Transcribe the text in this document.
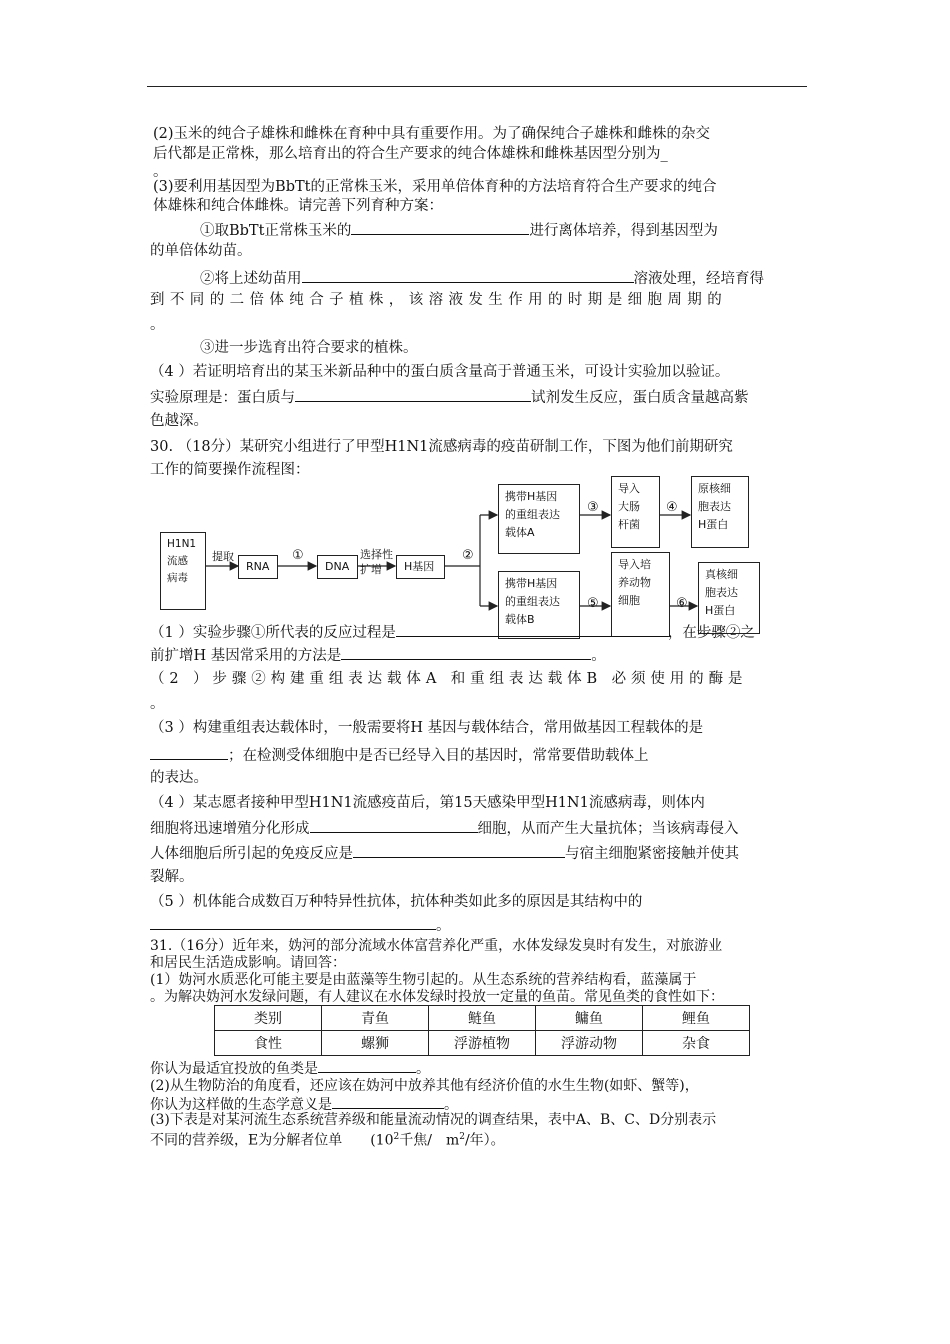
(2)玉米的纯合子雄株和雌株在育种中具有重要作用。为了确保纯合子雄株和雌株的杂交
后代都是正常株，那么培育出的符合生产要求的纯合体雄株和雌株基因型分别为_
。
(3)要利用基因型为BbTt的正常株玉米，采用单倍体育种的方法培育符合生产要求的纯合
体雄株和纯合体雌株。请完善下列育种方案：
①取BbTt正常株玉米的	进行离体培养，得到基因型为
的单倍体幼苗。
②将上述幼苗用	溶液处理，经培育得
到不同的二倍体纯合子植株，该溶液发生作用的时期是细胞周期的
。
③进一步选育出符合要求的植株。
（4 ）若证明培育出的某玉米新品种中的蛋白质含量高于普通玉米，可设计实验加以验证。
实验原理是：蛋白质与	试剂发生反应，蛋白质含量越高紫
色越深。
30. （18分）某研究小组进行了甲型H1N1流感病毒的疫苗研制工作，下图为他们前期研究
工作的简要操作流程图：
H1N1
流感
病毒
提取
RNA
①
DNA
选择性
扩增	H基因
②
携带H基因
的重组表达
载体A
③
导入
大肠
杆菌
④
原核细
胞表达
H蛋白
携带H基因
的重组表达
载体B
⑤
导入培
养动物
细胞	⑥
真核细
胞表达
H蛋白
（1 ）实验步骤①所代表的反应过程是	，在步骤②之
前扩增H 基因常采用的方法是	。
（2 ）步骤②构建重组表达载体A 和重组表达载体B 必须使用的酶是
。
（3 ）构建重组表达载体时，一般需要将H 基因与载体结合，常用做基因工程载体的是
；在检测受体细胞中是否已经导入目的基因时，常常要借助载体上
的表达。
（4 ）某志愿者接种甲型H1N1流感疫苗后，第15天感染甲型H1N1流感病毒，则体内
细胞将迅速增殖分化形成	细胞，从而产生大量抗体；当该病毒侵入
人体细胞后所引起的免疫反应是	与宿主细胞紧密接触并使其
裂解。
（5 ）机体能合成数百万种特异性抗体，抗体种类如此多的原因是其结构中的
。
31.（16分）近年来，妫河的部分流域水体富营养化严重，水体发绿发臭时有发生，对旅游业
和居民生活造成影响。请回答：
(1）妫河水质恶化可能主要是由蓝藻等生物引起的。从生态系统的营养结构看，蓝藻属于
。为解决妫河水发绿问题，有人建议在水体发绿时投放一定量的鱼苗。常见鱼类的食性如下：
类别	青鱼	鲢鱼	鳙鱼	鲤鱼
食性	螺狮	浮游植物	浮游动物	杂食
你认为最适宜投放的鱼类是	。
(2)从生物防治的角度看，还应该在妫河中放养其他有经济价值的水生生物(如虾、蟹等)，
你认为这样做的生态学意义是	。
(3)下表是对某河流生态系统营养级和能量流动情况的调查结果，表中A、B、C、D分别表示
不同的营养级，E为分解者位单　　($10^2$千焦/　$m^2/$年）。
